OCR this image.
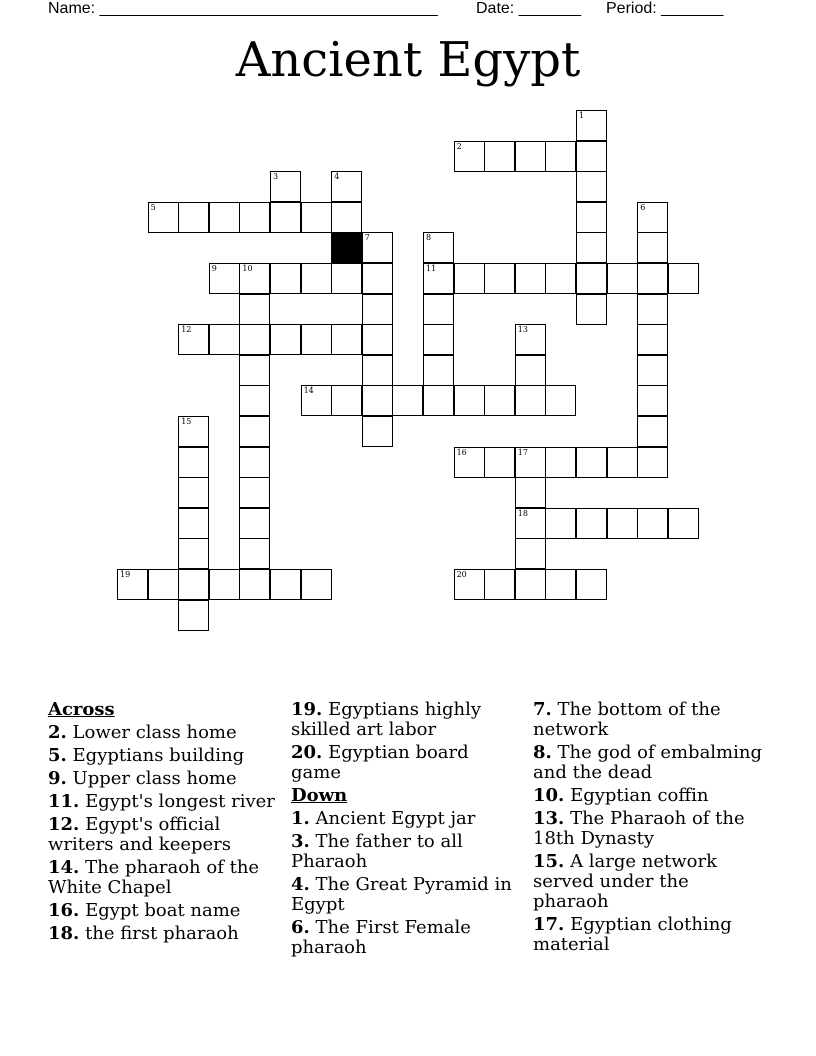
Name: ______________________________________ Date: _______ Period: _______
Ancient Egypt
1
2
3	4
5	6
7	8
11
9	10
12	13
14
15
16	17
18
19	20
Across
2. Lower class home
5. Egyptians building
9. Upper class home
11. Egypt's longest river
12. Egypt's official writers and keepers
14. The pharaoh of the White Chapel
16. Egypt boat name
18. the first pharaoh
19. Egyptians highly skilled art labor
20. Egyptian board game
Down
1. Ancient Egypt jar
3. The father to all Pharaoh
4. The Great Pyramid in Egypt
6. The First Female pharaoh
7. The bottom of the network
8. The god of embalming and the dead
10. Egyptian coffin
13. The Pharaoh of the 18th Dynasty
15. A large network served under the pharaoh
17. Egyptian clothing material
